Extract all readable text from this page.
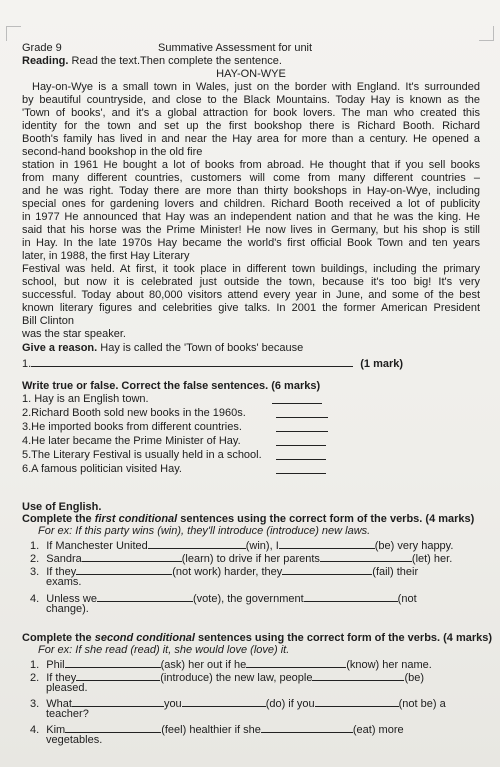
Grade 9	Summative Assessment for unit
Reading. Read the text.Then complete the sentence.
HAY-ON-WYE
Hay-on-Wye is a small town in Wales, just on the border with England. It's surrounded
by beautiful countryside, and close to the Black Mountains. Today Hay is known as the
'Town of books', and it's a global attraction for book lovers. The man who created this
identity for the town and set up the first bookshop there is Richard Booth. Richard
Booth's family has lived in and near the Hay area for more than a century. He opened a
second-hand bookshop in the old fire
station in 1961 He bought a lot of books from abroad. He thought that if you sell books
from many different countries, customers will come from many different countries –
and he was right. Today there are more than thirty bookshops in Hay-on-Wye, including
special ones for gardening lovers and children. Richard Booth received a lot of publicity
in 1977 He announced that Hay was an independent nation and that he was the king. He
said that his horse was the Prime Minister! He now lives in Germany, but his shop is still
in Hay. In the late 1970s Hay became the world's first official Book Town and ten years
later, in 1988, the first Hay Literary
Festival was held. At first, it took place in different town buildings, including the primary
school, but now it is celebrated just outside the town, because it's too big! It's very
successful. Today about 80,000 visitors attend every year in June, and some of the best
known literary figures and celebrities give talks. In 2001 the former American President
Bill Clinton
was the star speaker.
Give a reason. Hay is called the 'Town of books' because
1.	(1 mark)
Write true or false. Correct the false sentences. (6 marks)
1. Hay is an English town.
2.Richard Booth sold new books in the 1960s.
3.He imported books from different countries.
4.He later became the Prime Minister of Hay.
5.The Literary Festival is usually held in a school.
6.A famous politician visited Hay.
Use of English.
Complete the first conditional sentences using the correct form of the verbs. (4 marks)
For ex: If this party wins (win), they'll introduce (introduce) new laws.
1. If Manchester United	(win), I	(be) very happy.
2. Sandra	(learn) to drive if her parents	(let) her.
3. If they	(not work) harder, they	(fail) their
exams.
4. Unless we	(vote), the government	(not
change).
Complete the second conditional sentences using the correct form of the verbs. (4 marks)
For ex: If she read (read) it, she would love (love) it.
1. Phil	(ask) her out if he	(know) her name.
2. If they	(introduce) the new law, people	(be)
pleased.
3. What	you	(do) if you	(not be) a
teacher?
4. Kim	(feel) healthier if she	(eat) more
vegetables.
